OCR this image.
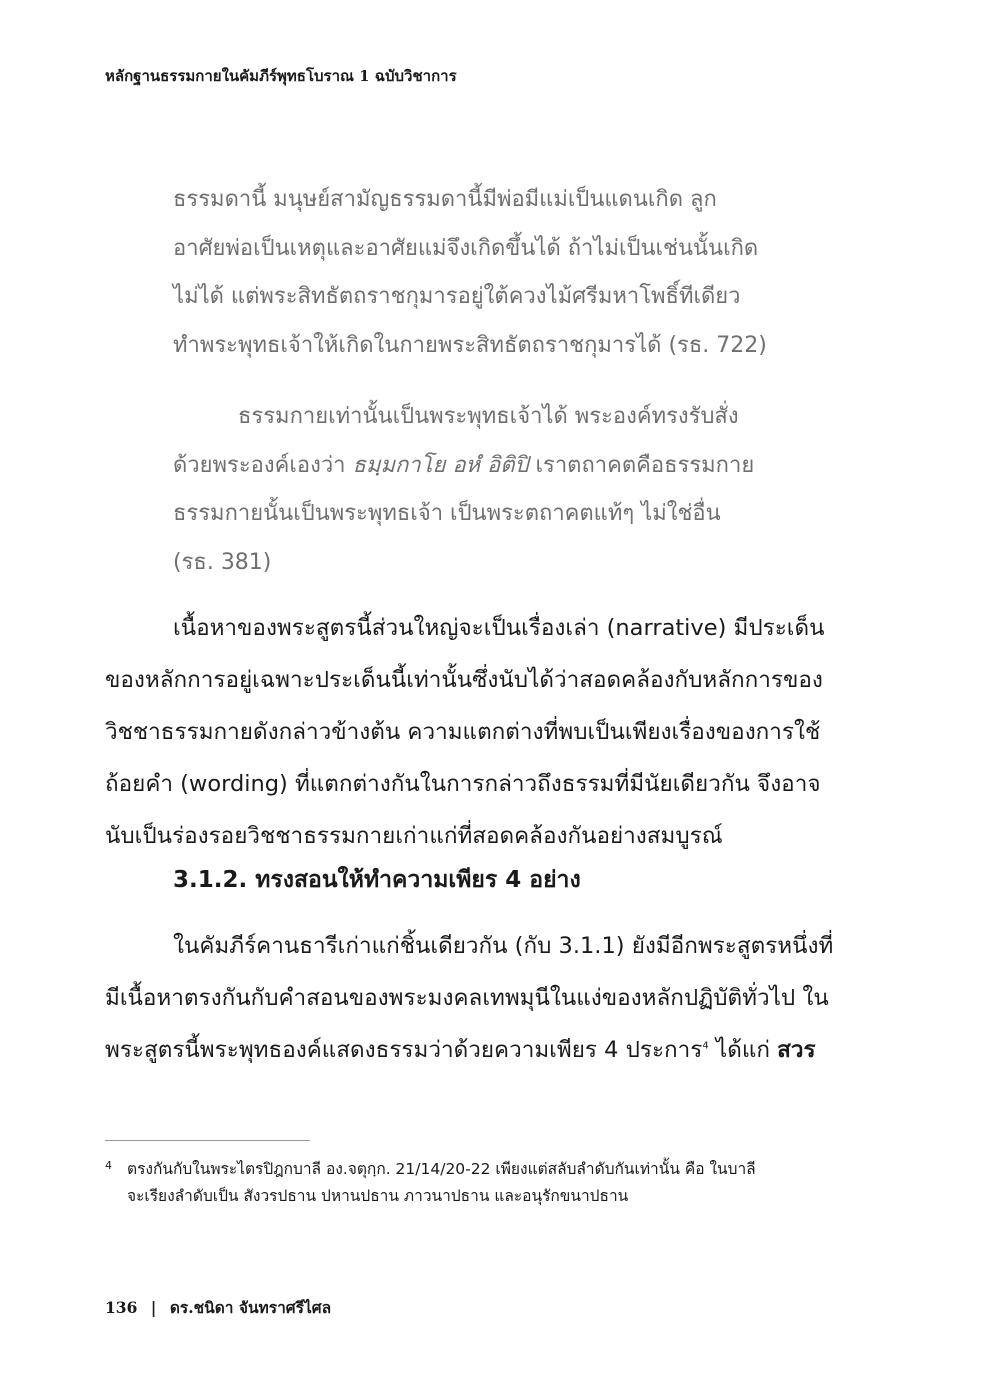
หลักฐานธรรมกายในคัมภีร์พุทธโบราณ 1 ฉบับวิชาการ
ธรรมดานี้ มนุษย์สามัญธรรมดานี้มีพ่อมีแม่เป็นแดนเกิด ลูก
อาศัยพ่อเป็นเหตุและอาศัยแม่จึงเกิดขึ้นได้ ถ้าไม่เป็นเช่นนั้นเกิด
ไม่ได้ แต่พระสิทธัตถราชกุมารอยู่ใต้ควงไม้ศรีมหาโพธิ์ทีเดียว
ทำพระพุทธเจ้าให้เกิดในกายพระสิทธัตถราชกุมารได้ (รธ. 722)
ธรรมกายเท่านั้นเป็นพระพุทธเจ้าได้ พระองค์ทรงรับสั่ง
ด้วยพระองค์เองว่า ธมฺมกาโย อหํ อิติปิ เราตถาคตคือธรรมกาย
ธรรมกายนั้นเป็นพระพุทธเจ้า เป็นพระตถาคตแท้ๆ ไม่ใช่อื่น
(รธ. 381)
เนื้อหาของพระสูตรนี้ส่วนใหญ่จะเป็นเรื่องเล่า (narrative) มีประเด็น
ของหลักการอยู่เฉพาะประเด็นนี้เท่านั้นซึ่งนับได้ว่าสอดคล้องกับหลักการของ
วิชชาธรรมกายดังกล่าวข้างต้น ความแตกต่างที่พบเป็นเพียงเรื่องของการใช้
ถ้อยคำ (wording) ที่แตกต่างกันในการกล่าวถึงธรรมที่มีนัยเดียวกัน จึงอาจ
นับเป็นร่องรอยวิชชาธรรมกายเก่าแก่ที่สอดคล้องกันอย่างสมบูรณ์
3.1.2. ทรงสอนให้ทำความเพียร 4 อย่าง
ในคัมภีร์คานธารีเก่าแก่ชิ้นเดียวกัน (กับ 3.1.1) ยังมีอีกพระสูตรหนึ่งที่
มีเนื้อหาตรงกันกับคำสอนของพระมงคลเทพมุนีในแง่ของหลักปฏิบัติทั่วไป ใน
พระสูตรนี้พระพุทธองค์แสดงธรรมว่าด้วยความเพียร 4 ประการ$^4$ ได้แก่ สวร
4 ตรงกันกับในพระไตรปิฎกบาลี อง.จตุกฺก. 21/14/20-22 เพียงแต่สลับลำดับกันเท่านั้น คือ ในบาลี
จะเรียงลำดับเป็น สังวรปธาน ปหานปธาน ภาวนาปธาน และอนุรักขนาปธาน
136 | ดร.ชนิดา จันทราศรีไศล
